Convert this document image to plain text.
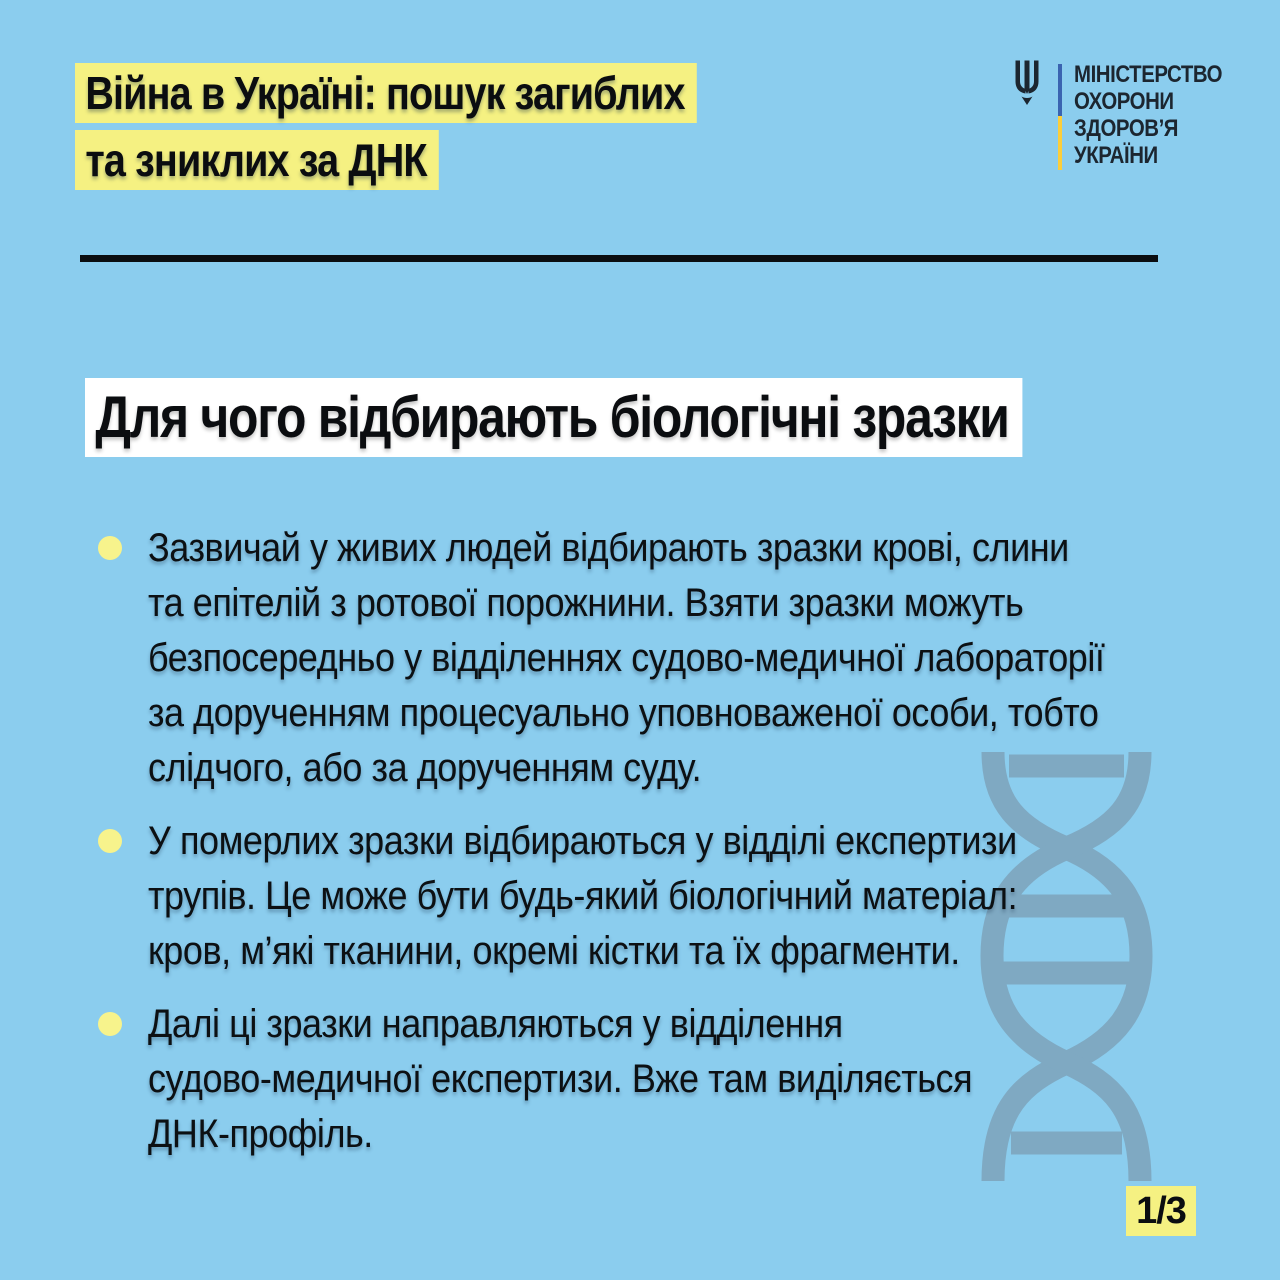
Війна в Україні: пошук загиблих
та зниклих за ДНК
МІНІСТЕРСТВО
ОХОРОНИ
ЗДОРОВ’Я
УКРАЇНИ
Для чого відбирають біологічні зразки
Зазвичай у живих людей відбирають зразки крові, слини
та епітелій з ротової порожнини. Взяти зразки можуть
безпосередньо у відділеннях судово-медичної лабораторії
за дорученням процесуально уповноваженої особи, тобто
слідчого, або за дорученням суду.
У померлих зразки відбираються у відділі експертизи
трупів. Це може бути будь-який біологічний матеріал:
кров, м’які тканини, окремі кістки та їх фрагменти.
Далі ці зразки направляються у відділення
судово-медичної експертизи. Вже там виділяється
ДНК-профіль.
1/3
